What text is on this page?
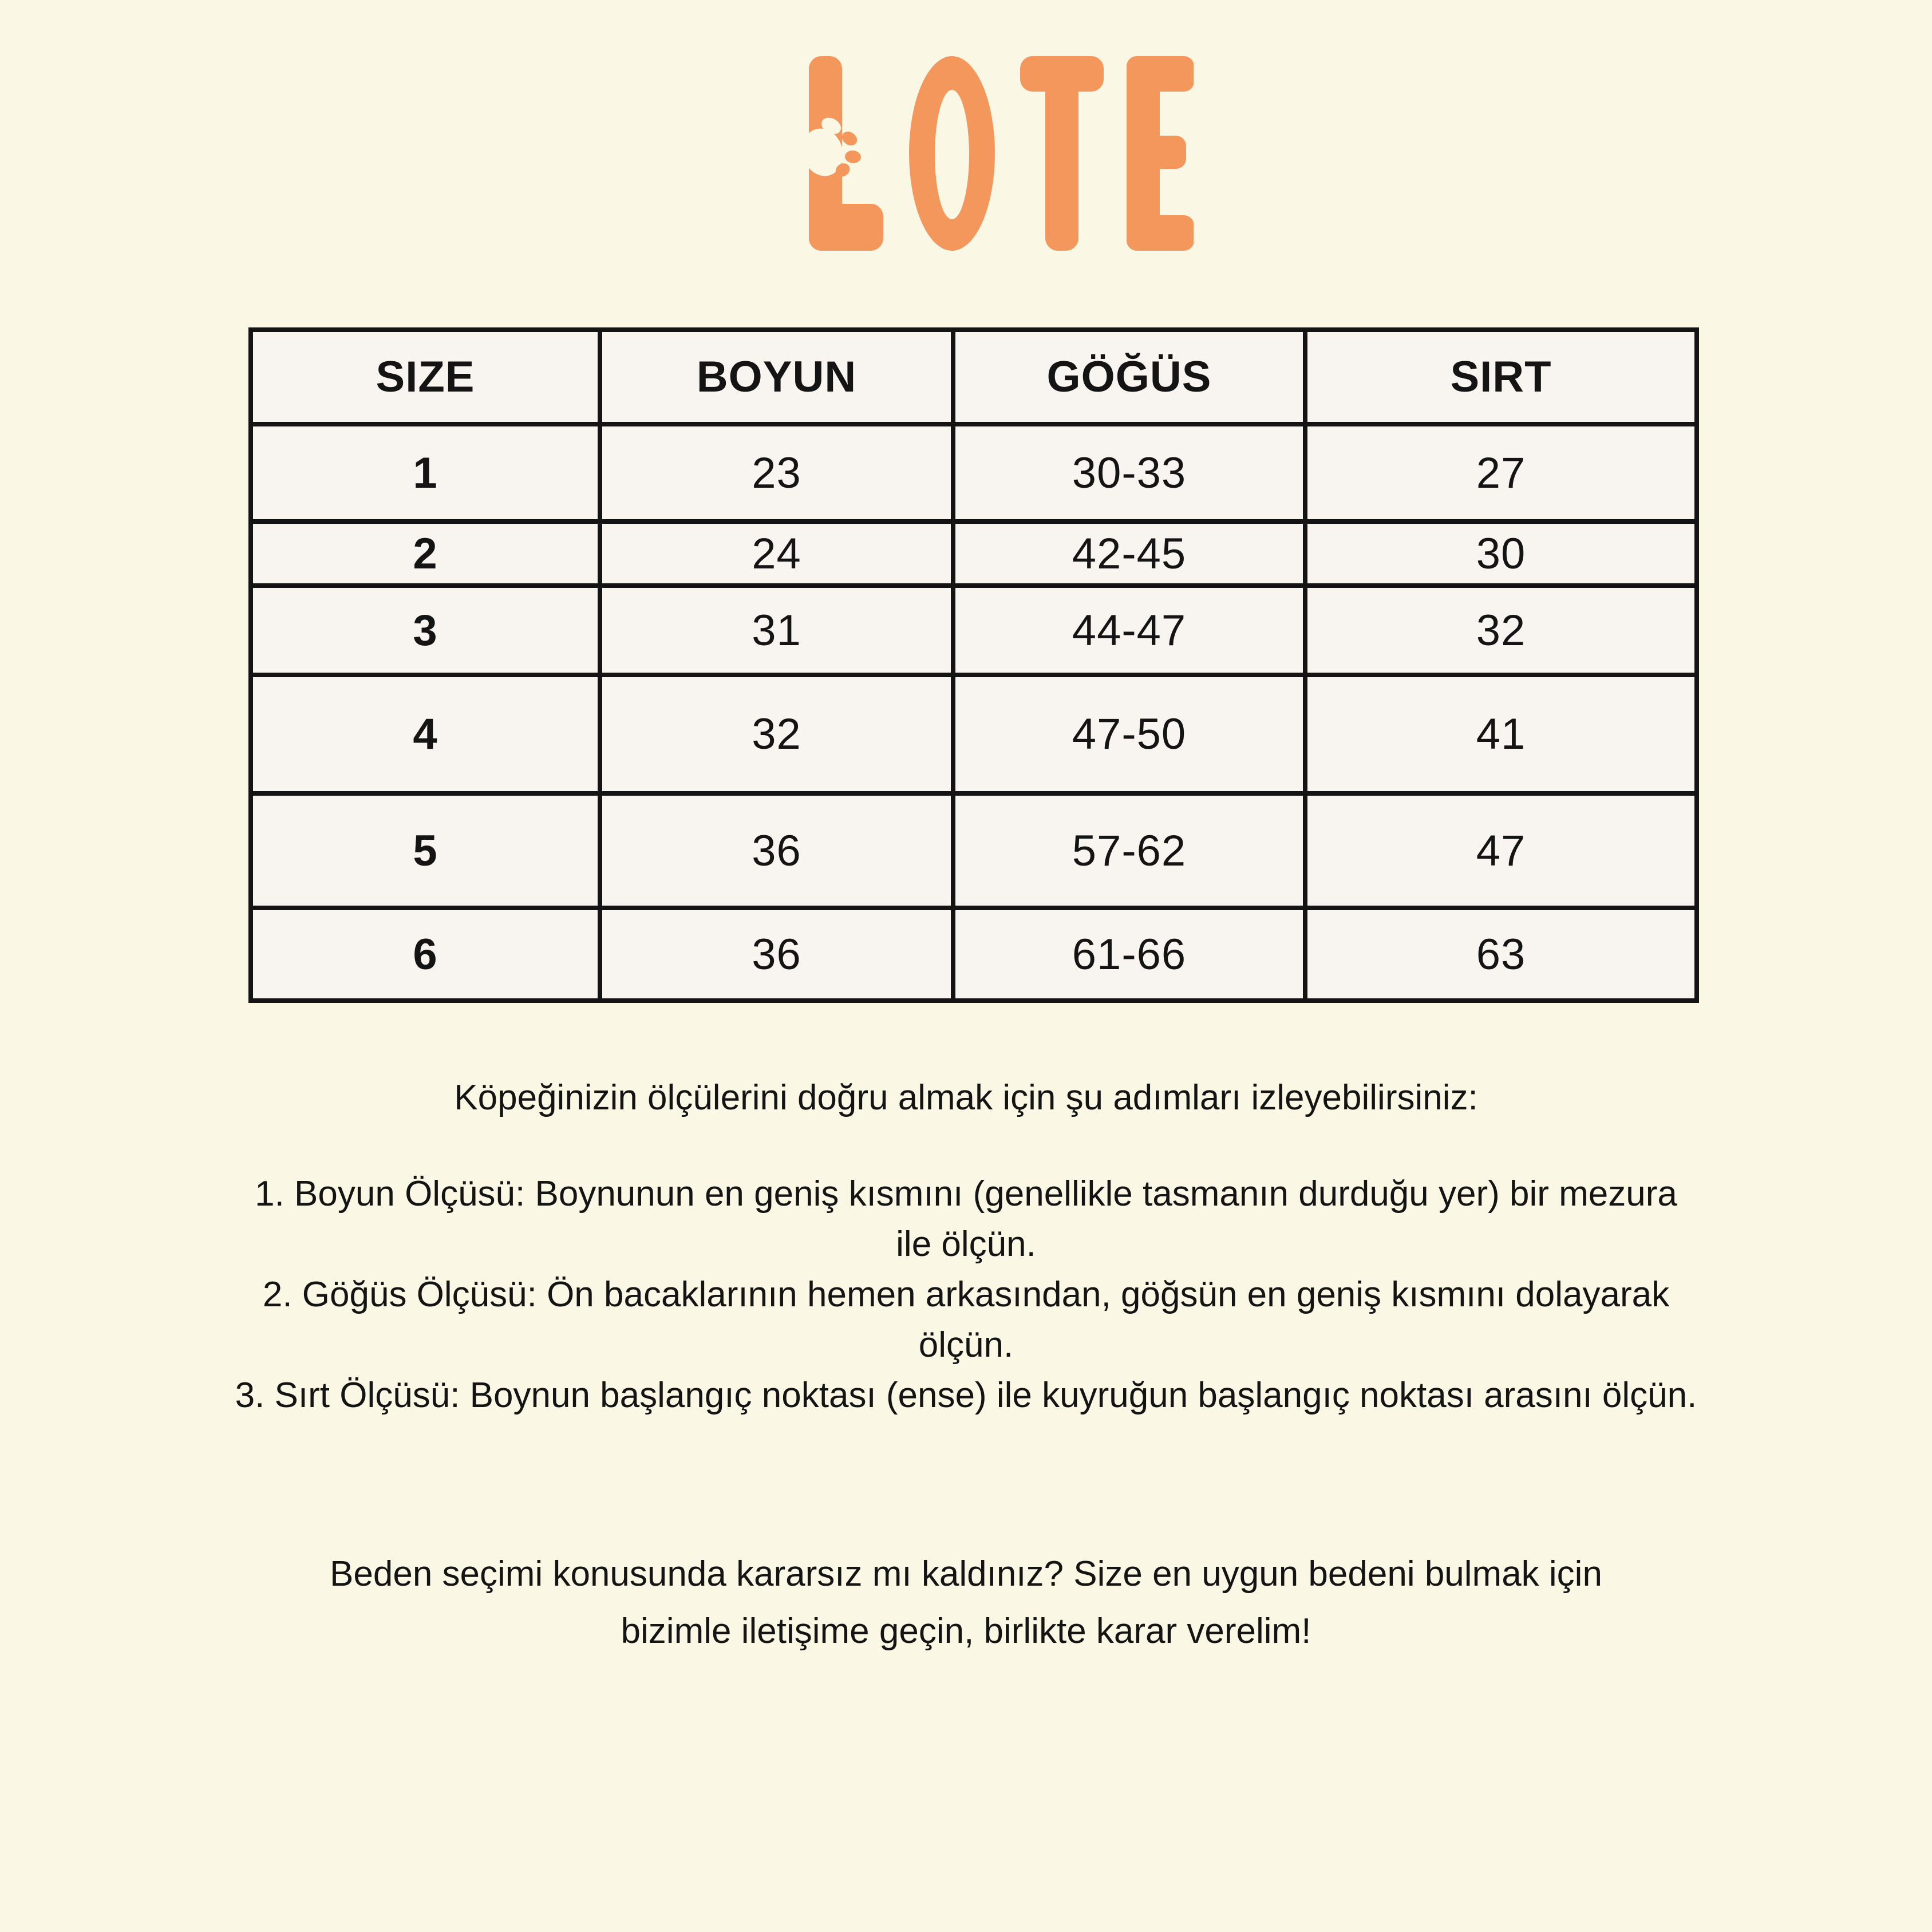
SIZE	BOYUN	GÖĞÜS	SIRT
1	23	30-33	27
2	24	42-45	30
3	31	44-47	32
4	32	47-50	41
5	36	57-62	47
6	36	61-66	63
Köpeğinizin ölçülerini doğru almak için şu adımları izleyebilirsiniz:
1. Boyun Ölçüsü: Boynunun en geniş kısmını (genellikle tasmanın durduğu yer) bir mezura ile ölçün.
2. Göğüs Ölçüsü: Ön bacaklarının hemen arkasından, göğsün en geniş kısmını dolayarak ölçün.
3. Sırt Ölçüsü: Boynun başlangıç noktası (ense) ile kuyruğun başlangıç noktası arasını ölçün.
Beden seçimi konusunda kararsız mı kaldınız? Size en uygun bedeni bulmak için bizimle iletişime geçin, birlikte karar verelim!
